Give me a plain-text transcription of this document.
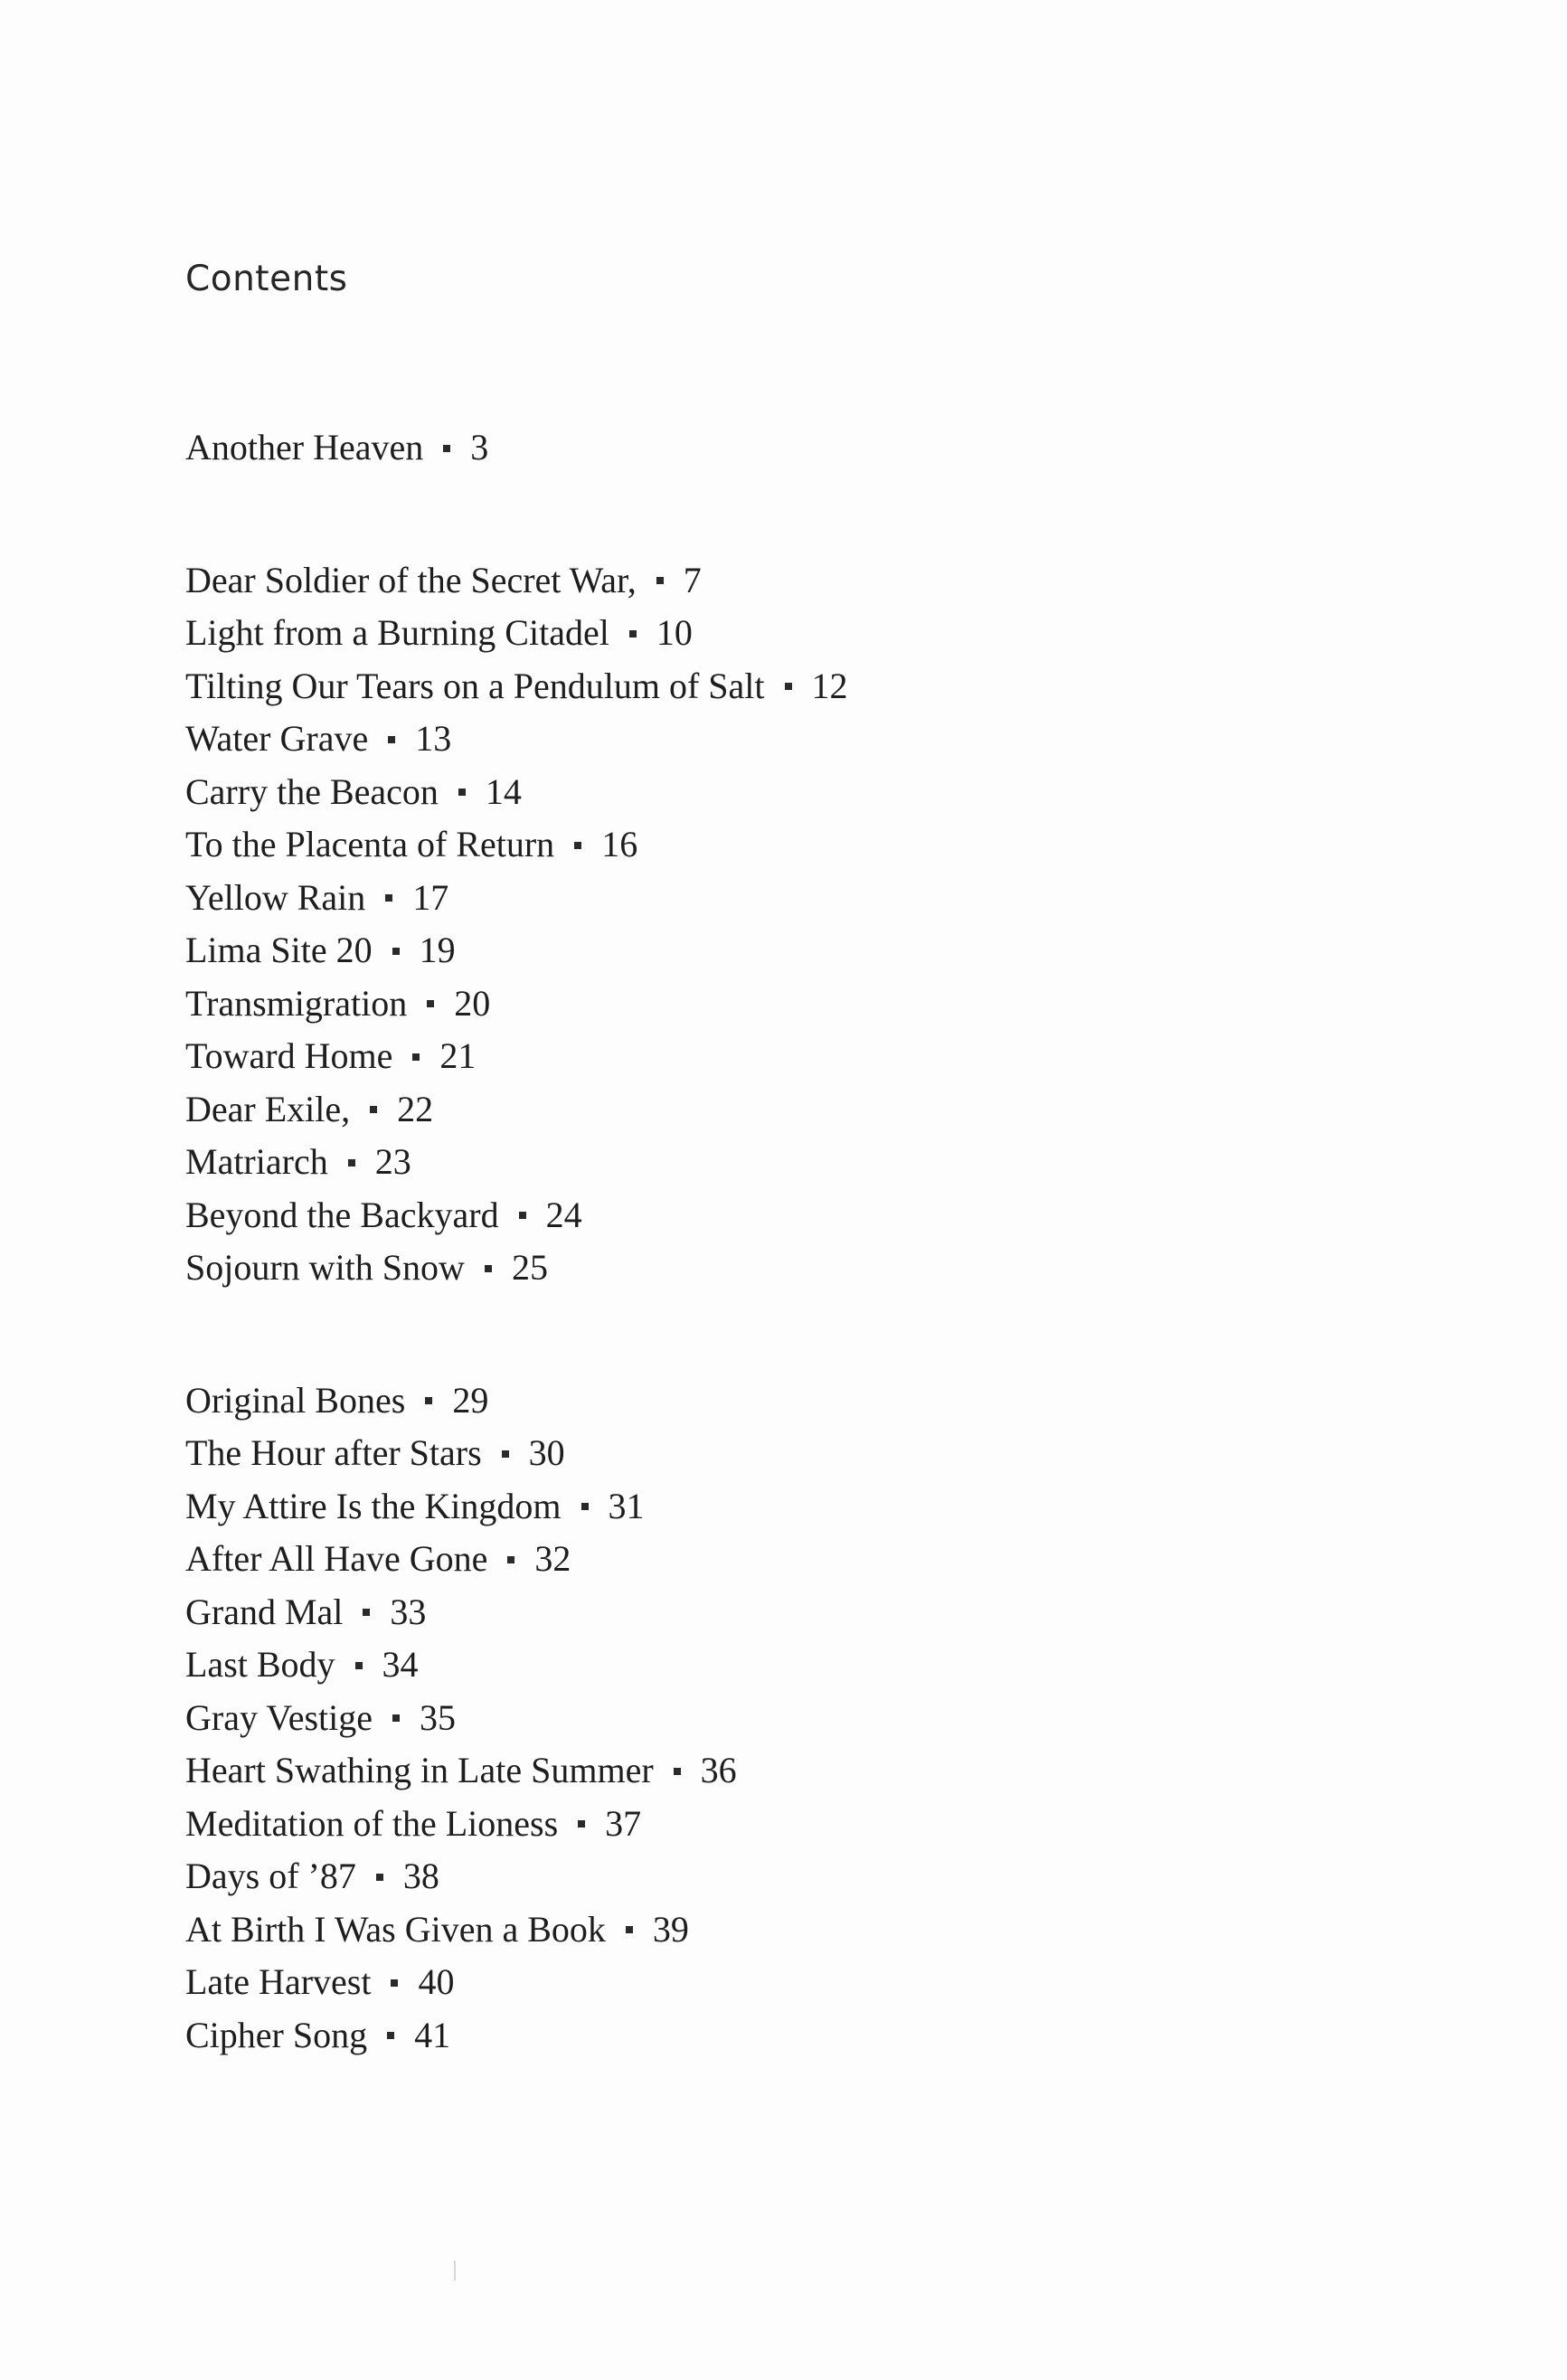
Contents
Another Heaven 3
Dear Soldier of the Secret War, 7
Light from a Burning Citadel 10
Tilting Our Tears on a Pendulum of Salt 12
Water Grave 13
Carry the Beacon 14
To the Placenta of Return 16
Yellow Rain 17
Lima Site 20 19
Transmigration 20
Toward Home 21
Dear Exile, 22
Matriarch 23
Beyond the Backyard 24
Sojourn with Snow 25
Original Bones 29
The Hour after Stars 30
My Attire Is the Kingdom 31
After All Have Gone 32
Grand Mal 33
Last Body 34
Gray Vestige 35
Heart Swathing in Late Summer 36
Meditation of the Lioness 37
Days of ’87 38
At Birth I Was Given a Book 39
Late Harvest 40
Cipher Song 41
